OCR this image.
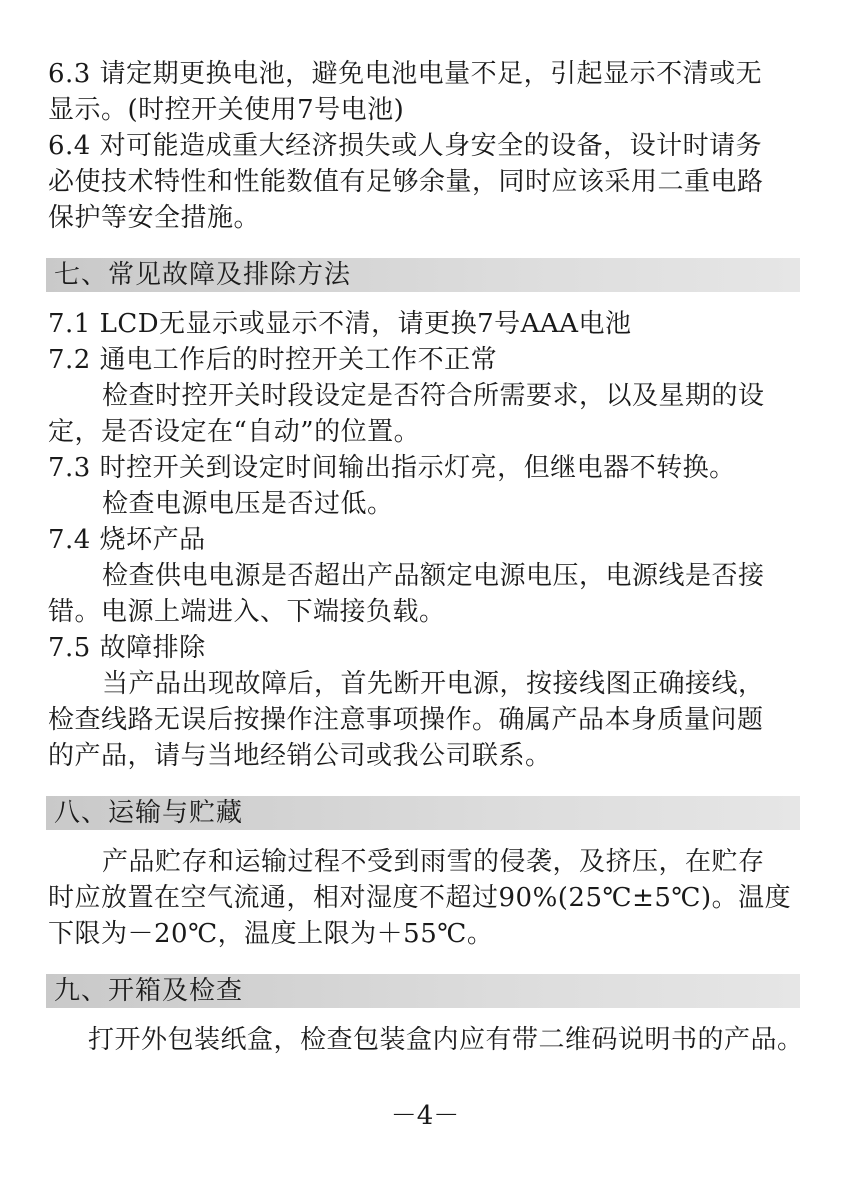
6.3 请定期更换电池，避免电池电量不足，引起显示不清或无
显示。(时控开关使用7号电池)
6.4 对可能造成重大经济损失或人身安全的设备，设计时请务
必使技术特性和性能数值有足够余量，同时应该采用二重电路
保护等安全措施。
七、常见故障及排除方法
7.1 LCD无显示或显示不清，请更换7号AAA电池
7.2 通电工作后的时控开关工作不正常
检查时控开关时段设定是否符合所需要求，以及星期的设
定，是否设定在“自动”的位置。
7.3 时控开关到设定时间输出指示灯亮，但继电器不转换。
检查电源电压是否过低。
7.4 烧坏产品
检查供电电源是否超出产品额定电源电压，电源线是否接
错。电源上端进入、下端接负载。
7.5 故障排除
当产品出现故障后，首先断开电源，按接线图正确接线，
检查线路无误后按操作注意事项操作。确属产品本身质量问题
的产品，请与当地经销公司或我公司联系。
八、运输与贮藏
产品贮存和运输过程不受到雨雪的侵袭，及挤压，在贮存
时应放置在空气流通，相对湿度不超过90%(25℃±5℃)。温度
下限为－20℃，温度上限为＋55℃。
九、开箱及检查
打开外包装纸盒，检查包装盒内应有带二维码说明书的产品。
－4－
